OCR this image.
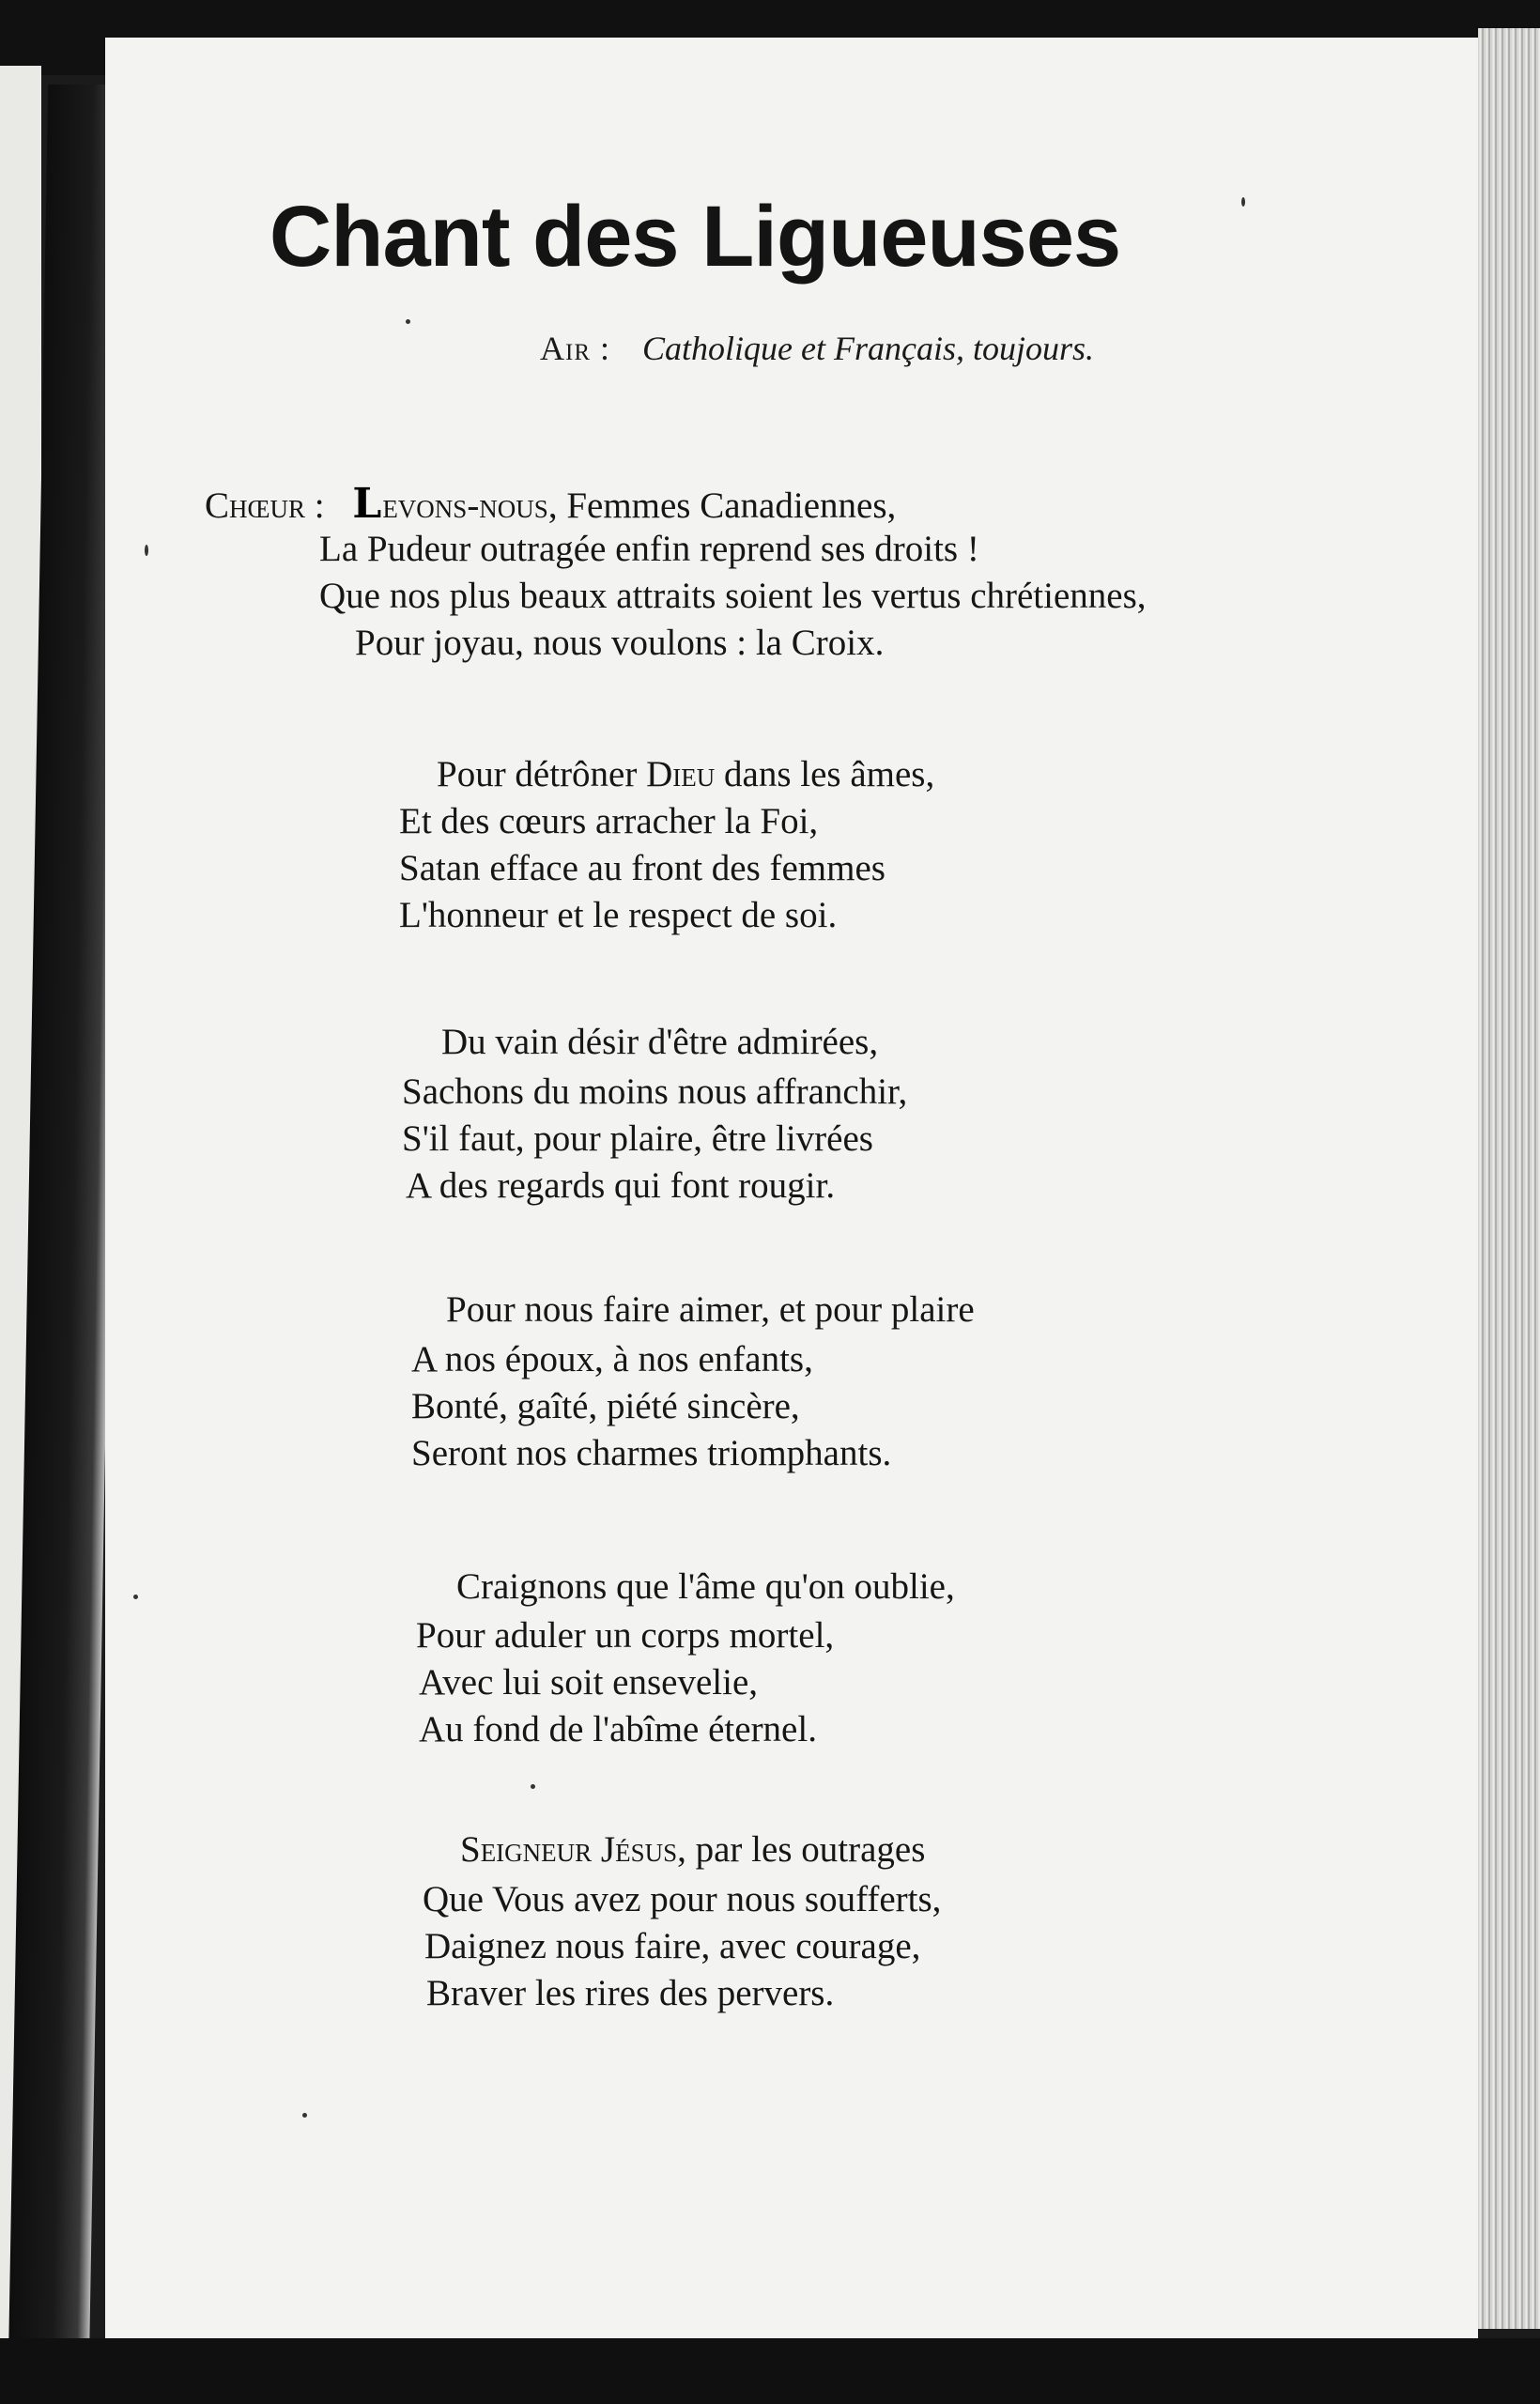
Chant des Ligueuses
Air : Catholique et Français, toujours.
Chœur : Levons-nous, Femmes Canadiennes,
La Pudeur outragée enfin reprend ses droits !
Que nos plus beaux attraits soient les vertus chrétiennes,
Pour joyau, nous voulons : la Croix.
Pour détrôner Dieu dans les âmes,
Et des cœurs arracher la Foi,
Satan efface au front des femmes
L'honneur et le respect de soi.
Du vain désir d'être admirées,
Sachons du moins nous affranchir,
S'il faut, pour plaire, être livrées
A des regards qui font rougir.
Pour nous faire aimer, et pour plaire
A nos époux, à nos enfants,
Bonté, gaîté, piété sincère,
Seront nos charmes triomphants.
Craignons que l'âme qu'on oublie,
Pour aduler un corps mortel,
Avec lui soit ensevelie,
Au fond de l'abîme éternel.
Seigneur Jésus, par les outrages
Que Vous avez pour nous soufferts,
Daignez nous faire, avec courage,
Braver les rires des pervers.
